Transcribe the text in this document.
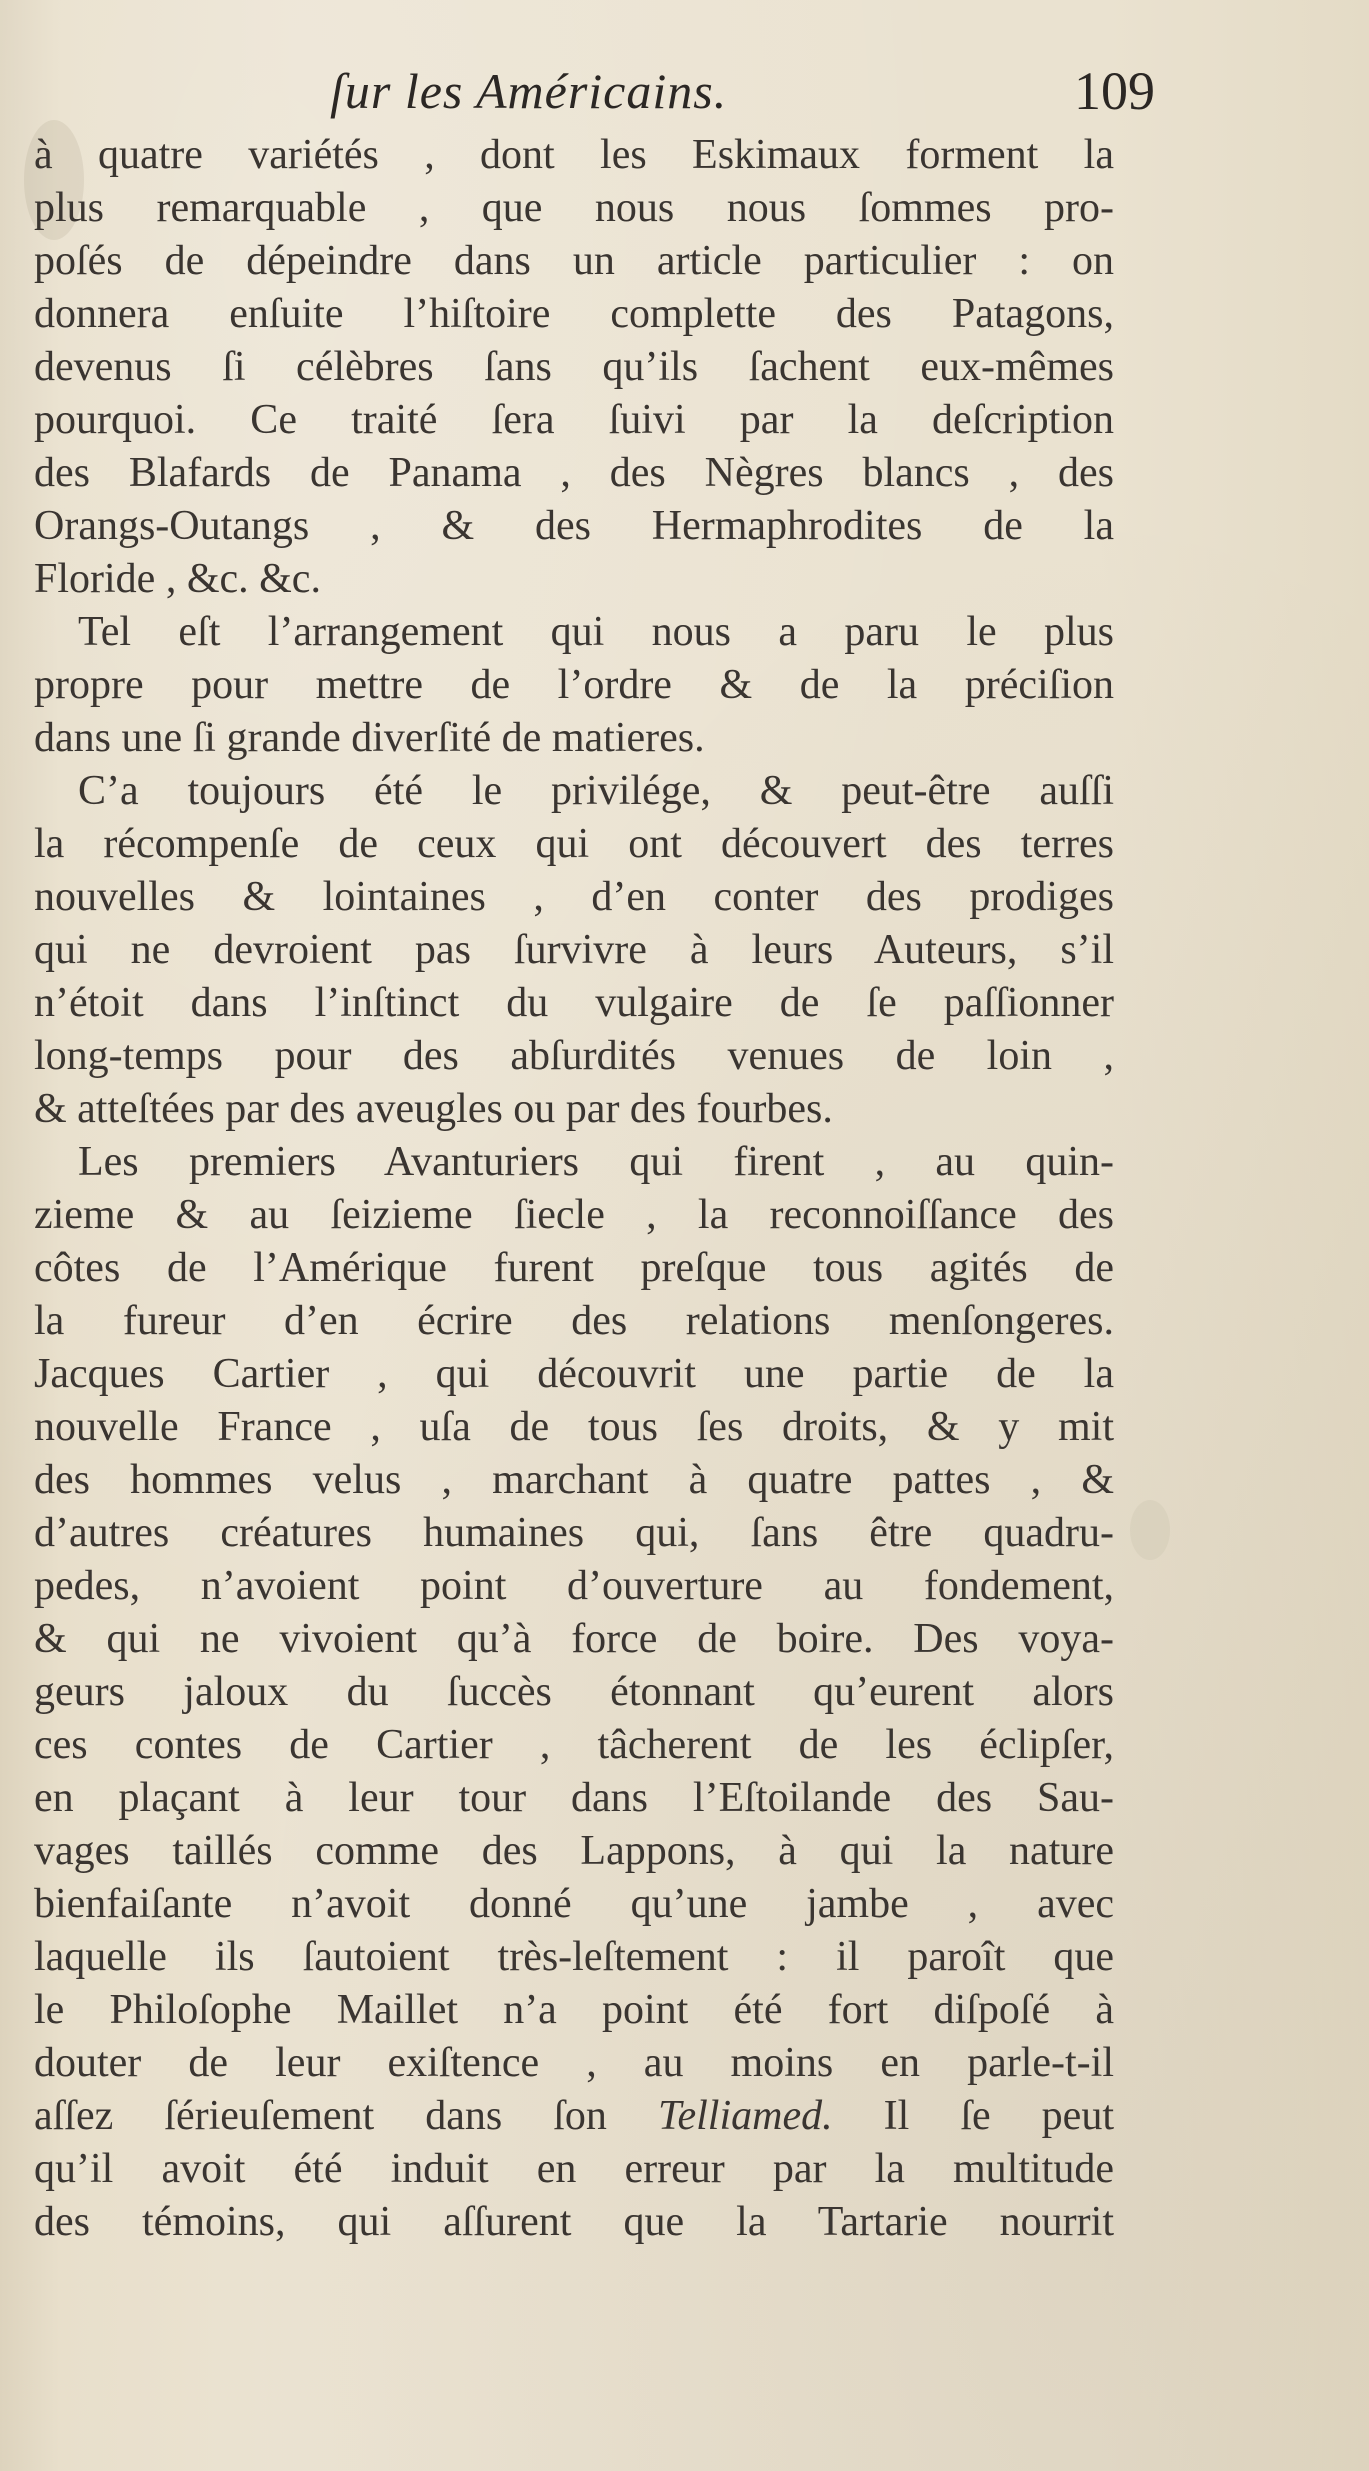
ſur les Américains.	109
à quatre variétés , dont les Eskimaux forment la
plus remarquable , que nous nous ſommes pro-
poſés de dépeindre dans un article particulier : on
donnera enſuite l’hiſtoire complette des Patagons,
devenus ſi célèbres ſans qu’ils ſachent eux-mêmes
pourquoi. Ce traité ſera ſuivi par la deſcription
des Blafards de Panama , des Nègres blancs , des
Orangs-Outangs , & des Hermaphrodites de la
Floride , &c. &c.
Tel eſt l’arrangement qui nous a paru le plus
propre pour mettre de l’ordre & de la préciſion
dans une ſi grande diverſité de matieres.
C’a toujours été le privilége, & peut-être auſſi
la récompenſe de ceux qui ont découvert des terres
nouvelles & lointaines , d’en conter des prodiges
qui ne devroient pas ſurvivre à leurs Auteurs, s’il
n’étoit dans l’inſtinct du vulgaire de ſe paſſionner
long-temps pour des abſurdités venues de loin ,
& atteſtées par des aveugles ou par des fourbes.
Les premiers Avanturiers qui firent , au quin-
zieme & au ſeizieme ſiecle , la reconnoiſſance des
côtes de l’Amérique furent preſque tous agités de
la fureur d’en écrire des relations menſongeres.
Jacques Cartier , qui découvrit une partie de la
nouvelle France , uſa de tous ſes droits, & y mit
des hommes velus , marchant à quatre pattes , &
d’autres créatures humaines qui, ſans être quadru-
pedes, n’avoient point d’ouverture au fondement,
& qui ne vivoient qu’à force de boire. Des voya-
geurs jaloux du ſuccès étonnant qu’eurent alors
ces contes de Cartier , tâcherent de les éclipſer,
en plaçant à leur tour dans l’Eſtoilande des Sau-
vages taillés comme des Lappons, à qui la nature
bienfaiſante n’avoit donné qu’une jambe , avec
laquelle ils ſautoient très-leſtement : il paroît que
le Philoſophe Maillet n’a point été fort diſpoſé à
douter de leur exiſtence , au moins en parle-t-il
aſſez ſérieuſement dans ſon Telliamed. Il ſe peut
qu’il avoit été induit en erreur par la multitude
des témoins, qui aſſurent que la Tartarie nourrit
